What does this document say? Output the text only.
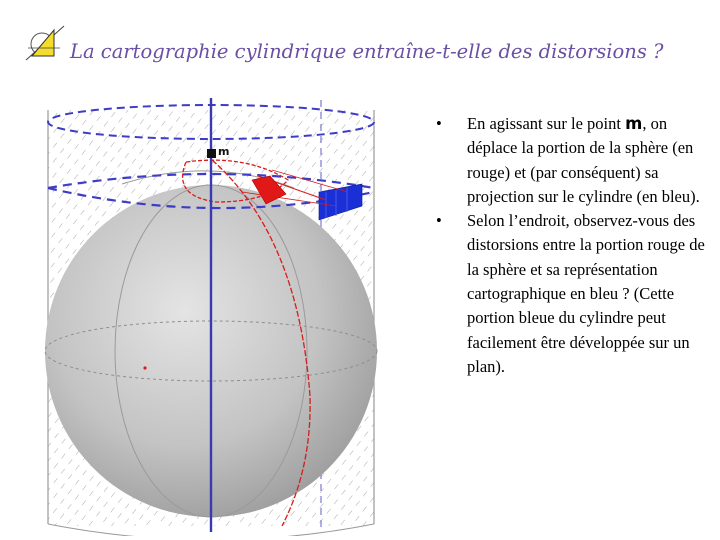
La cartographie cylindrique entraîne-t-elle des distorsions ?
m
• En agissant sur le point m, on déplace la portion de la sphère (en rouge) et (par conséquent) sa projection sur le cylindre (en bleu).
• Selon l’endroit, observez-vous des distorsions entre la portion rouge de la sphère et sa représentation cartographique en bleu ? (Cette portion bleue du cylindre peut facilement être développée sur un plan).
